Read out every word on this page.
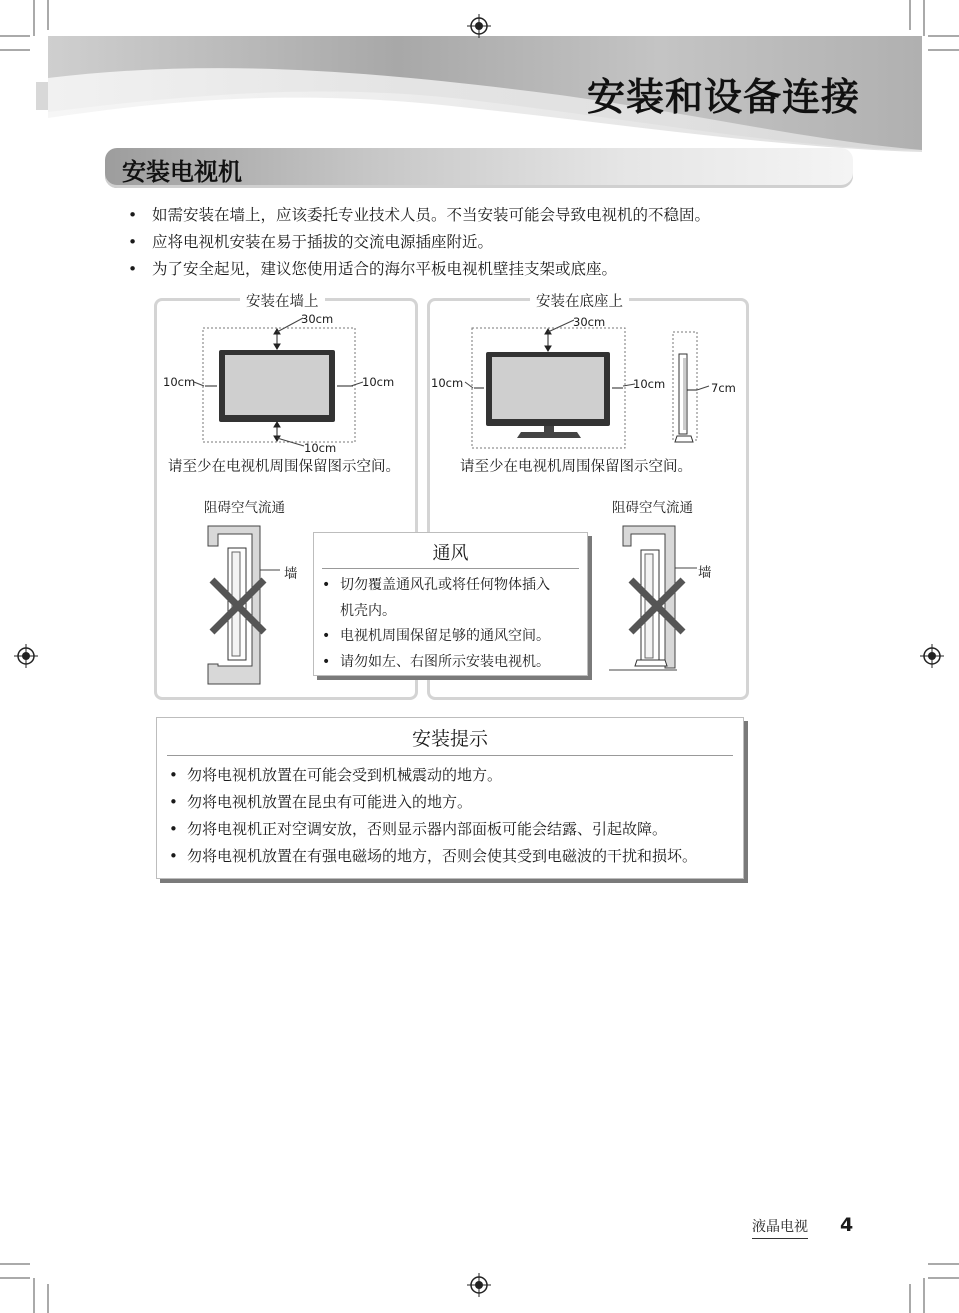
安装和设备连接
安装电视机
• 如需安装在墙上，应该委托专业技术人员。不当安装可能会导致电视机的不稳固。
• 应将电视机安装在易于插拔的交流电源插座附近。
• 为了安全起见，建议您使用适合的海尔平板电视机壁挂支架或底座。
安装在墙上	安装在底座上
30cm
10cm	10cm
10cm
请至少在电视机周围保留图示空间。
阻碍空气流通
墙
30cm
10cm	10cm	7cm
请至少在电视机周围保留图示空间。
阻碍空气流通
墙
通风
• 切勿覆盖通风孔或将任何物体插入
机壳内。
• 电视机周围保留足够的通风空间。
• 请勿如左、右图所示安装电视机。
安装提示
• 勿将电视机放置在可能会受到机械震动的地方。
• 勿将电视机放置在昆虫有可能进入的地方。
• 勿将电视机正对空调安放，否则显示器内部面板可能会结露、引起故障。
• 勿将电视机放置在有强电磁场的地方，否则会使其受到电磁波的干扰和损坏。
液晶电视 4
